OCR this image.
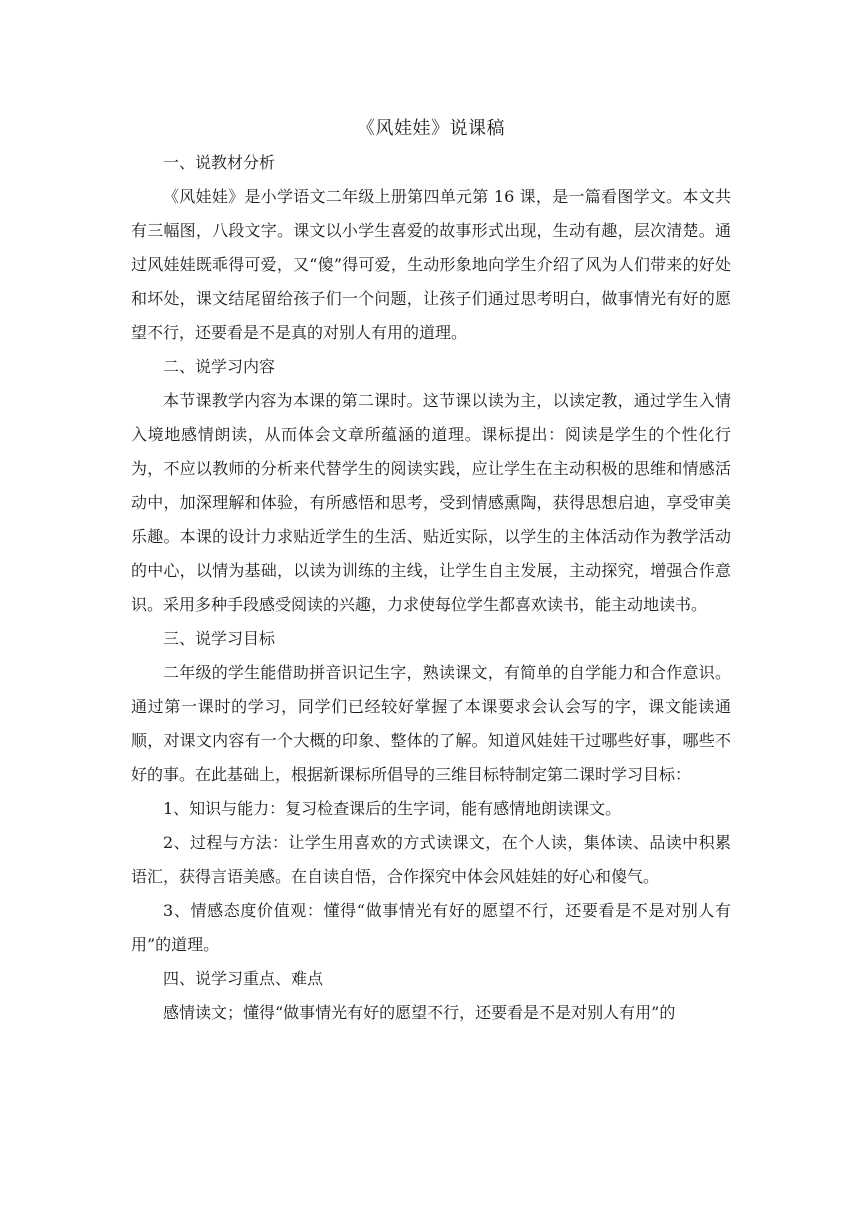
《风娃娃》说课稿

一、说教材分析

《风娃娃》是小学语文二年级上册第四单元第 16 课，是一篇看图学文。本文共有三幅图，八段文字。课文以小学生喜爱的故事形式出现，生动有趣，层次清楚。通过风娃娃既乖得可爱，又“傻”得可爱，生动形象地向学生介绍了风为人们带来的好处和坏处，课文结尾留给孩子们一个问题，让孩子们通过思考明白，做事情光有好的愿望不行，还要看是不是真的对别人有用的道理。

二、说学习内容

本节课教学内容为本课的第二课时。这节课以读为主，以读定教，通过学生入情入境地感情朗读，从而体会文章所蕴涵的道理。课标提出：阅读是学生的个性化行为，不应以教师的分析来代替学生的阅读实践，应让学生在主动积极的思维和情感活动中，加深理解和体验，有所感悟和思考，受到情感熏陶，获得思想启迪，享受审美乐趣。本课的设计力求贴近学生的生活、贴近实际，以学生的主体活动作为教学活动的中心，以情为基础，以读为训练的主线，让学生自主发展，主动探究，增强合作意识。采用多种手段感受阅读的兴趣，力求使每位学生都喜欢读书，能主动地读书。

三、说学习目标

二年级的学生能借助拼音识记生字，熟读课文，有简单的自学能力和合作意识。通过第一课时的学习，同学们已经较好掌握了本课要求会认会写的字，课文能读通顺，对课文内容有一个大概的印象、整体的了解。知道风娃娃干过哪些好事，哪些不好的事。在此基础上，根据新课标所倡导的三维目标特制定第二课时学习目标：

1、知识与能力：复习检查课后的生字词，能有感情地朗读课文。

2、过程与方法：让学生用喜欢的方式读课文，在个人读，集体读、品读中积累语汇，获得言语美感。在自读自悟，合作探究中体会风娃娃的好心和傻气。

3、情感态度价值观：懂得“做事情光有好的愿望不行，还要看是不是对别人有用”的道理。

四、说学习重点、难点

感情读文；懂得“做事情光有好的愿望不行，还要看是不是对别人有用”的
